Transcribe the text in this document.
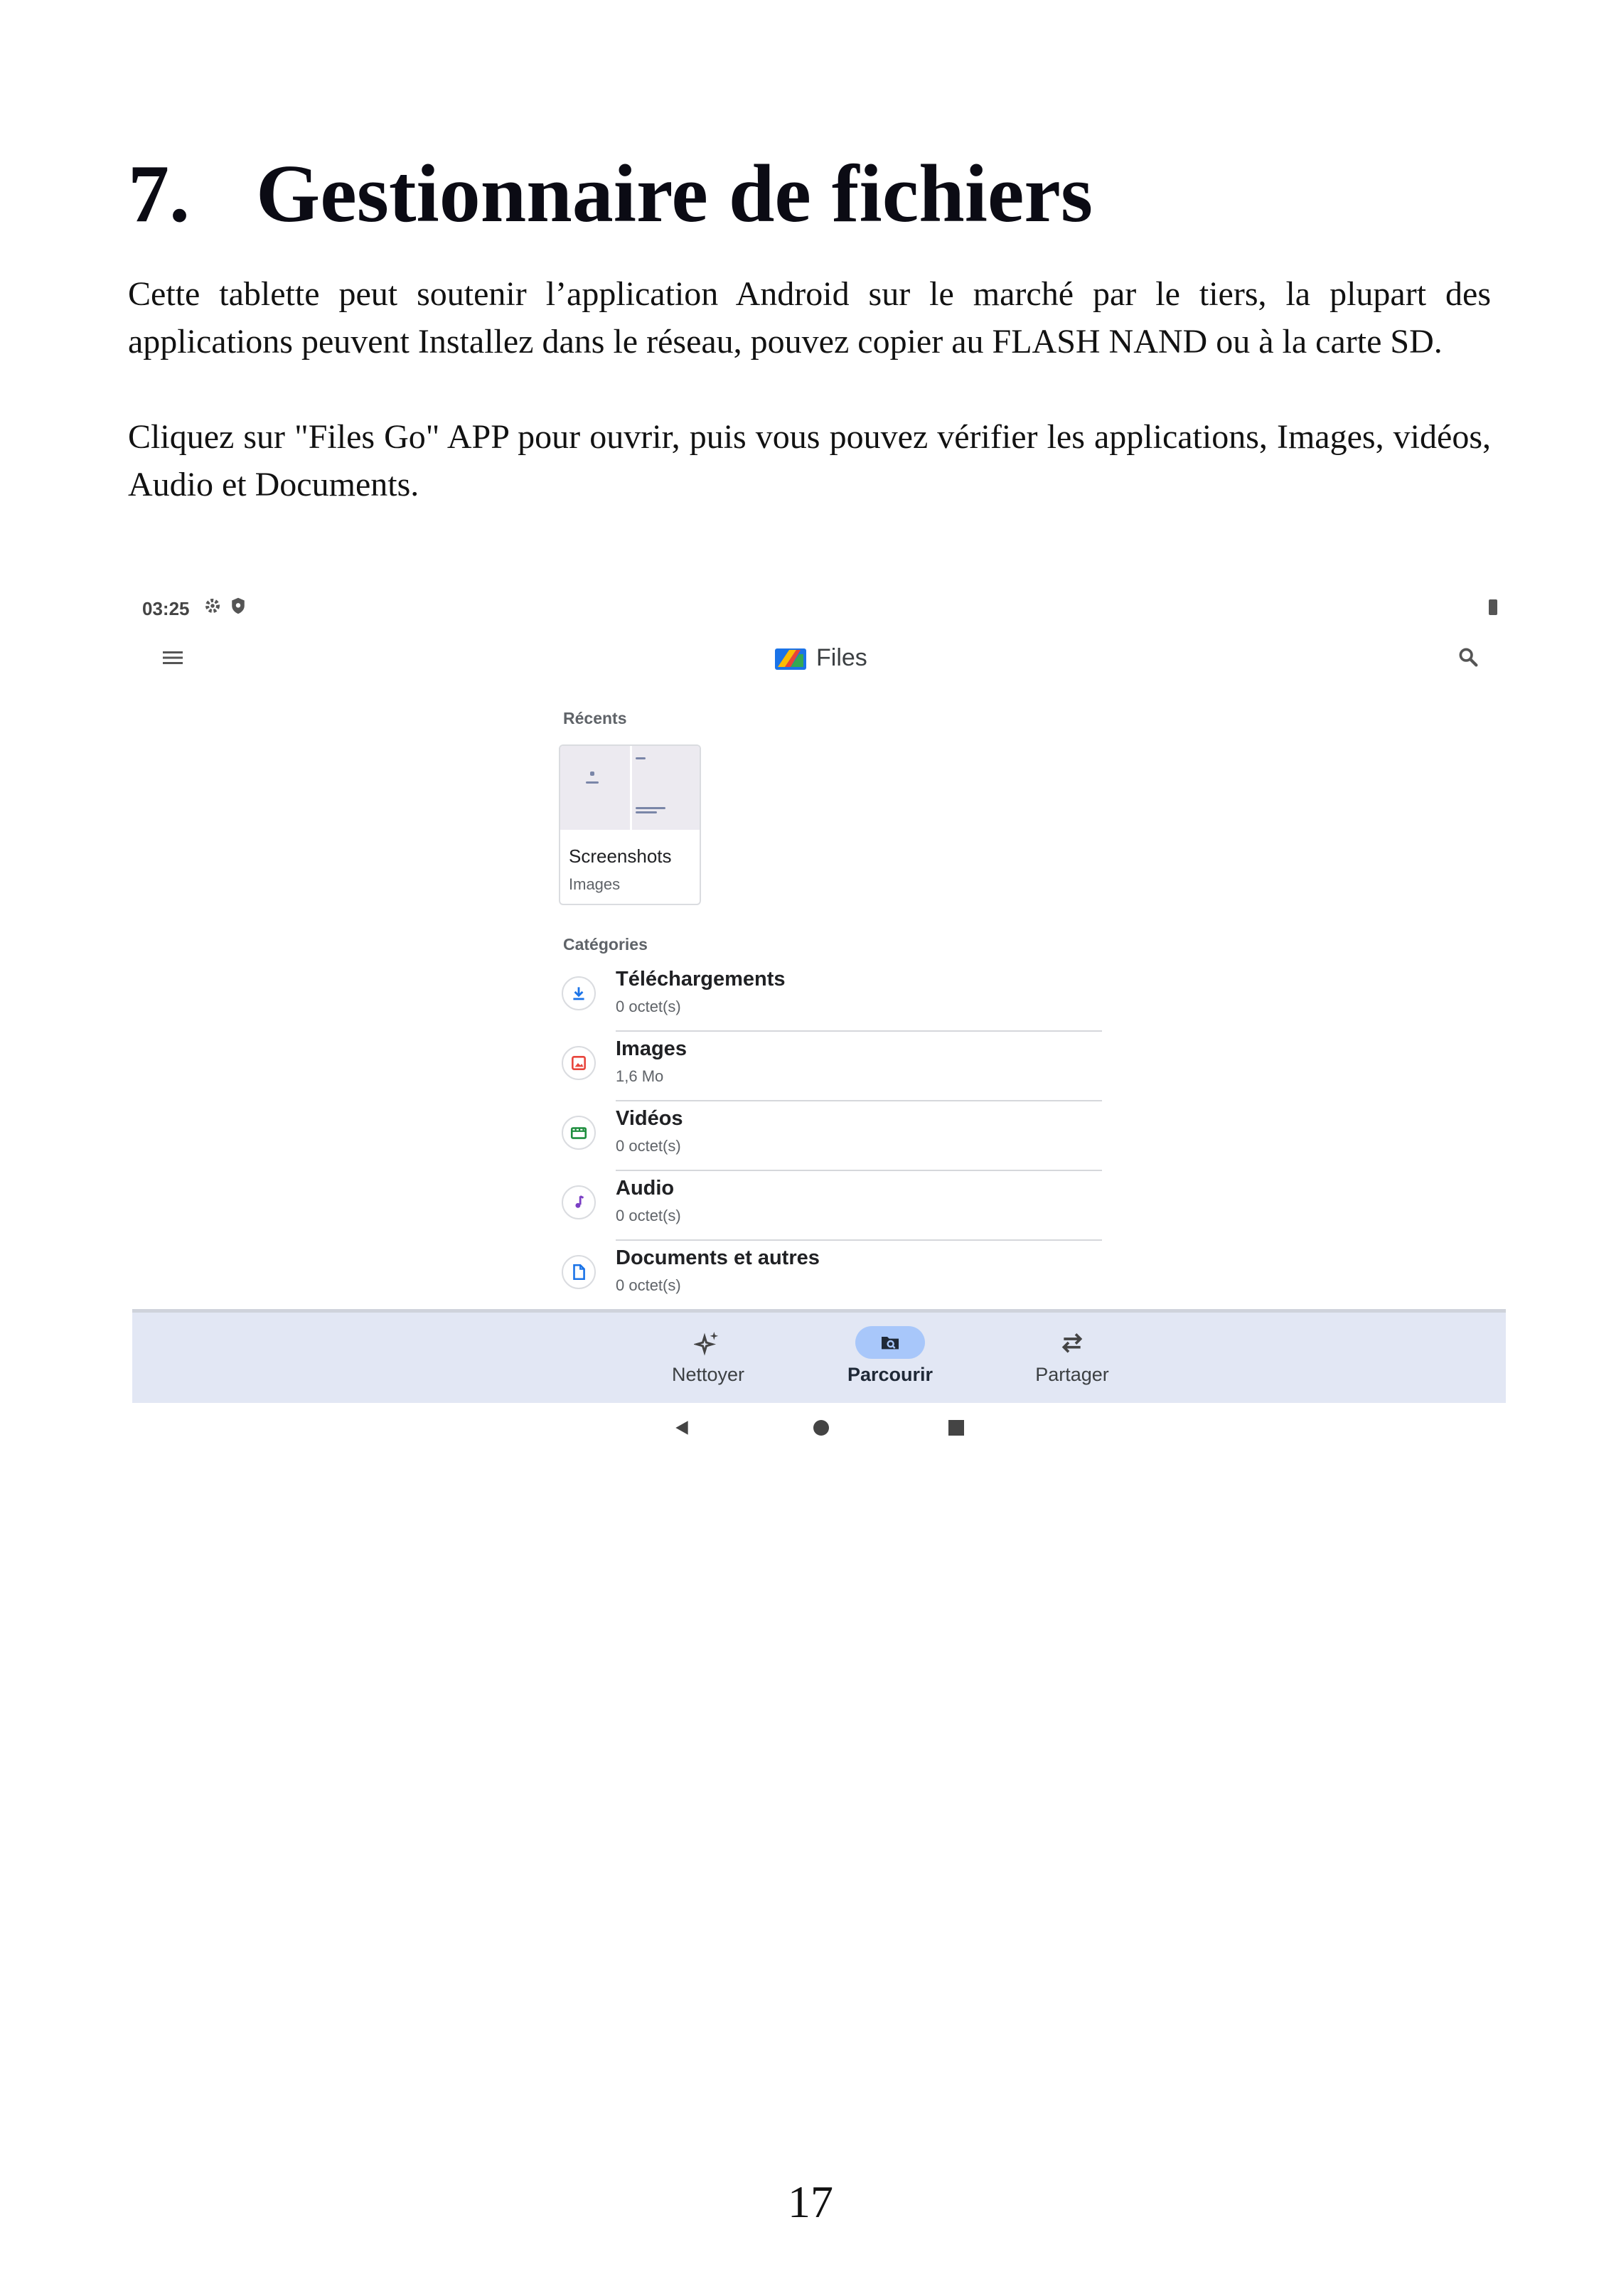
7. Gestionnaire de fichiers

Cette tablette peut soutenir l’application Android sur le marché par le tiers, la plupart des applications peuvent Installez dans le réseau, pouvez copier au FLASH NAND ou à la carte SD.

Cliquez sur "Files Go" APP pour ouvrir, puis vous pouvez vérifier les applications, Images, vidéos, Audio et Documents.

03:25
Files
Récents
Screenshots
Images
Catégories
Téléchargements
0 octet(s)
Images
1,6 Mo
Vidéos
0 octet(s)
Audio
0 octet(s)
Documents et autres
0 octet(s)
Nettoyer	Parcourir	Partager
17
